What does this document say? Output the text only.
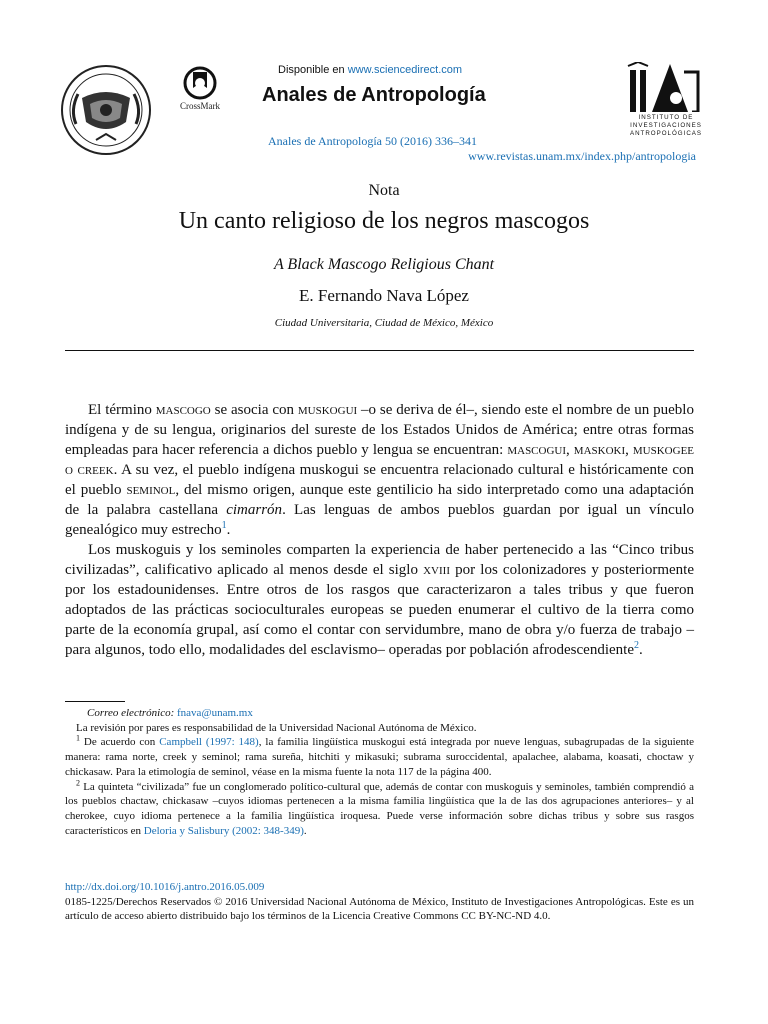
CrossMark
Disponible en www.sciencedirect.com
Anales de Antropología
INSTITUTO DE
INVESTIGACIONES
ANTROPOLÓGICAS
Anales de Antropología 50 (2016) 336–341
www.revistas.unam.mx/index.php/antropologia
Nota
Un canto religioso de los negros mascogos
A Black Mascogo Religious Chant
E. Fernando Nava López
Ciudad Universitaria, Ciudad de México, México

El término mascogo se asocia con muskogui –o se deriva de él–, siendo este el nombre de un pueblo indígena y de su lengua, originarios del sureste de los Estados Unidos de América; entre otras formas empleadas para hacer referencia a dichos pueblo y lengua se encuentran: mascogui, maskoki, muskogee o creek. A su vez, el pueblo indígena muskogui se encuentra relacionado cultural e históricamente con el pueblo seminol, del mismo origen, aunque este gentilicio ha sido interpretado como una adaptación de la palabra castellana cimarrón. Las lenguas de ambos pueblos guardan por igual un vínculo genealógico muy estrecho$^1$.

Los muskoguis y los seminoles comparten la experiencia de haber pertenecido a las “Cinco tribus civilizadas”, calificativo aplicado al menos desde el siglo xviii por los colonizadores y posteriormente por los estadounidenses. Entre otros de los rasgos que caracterizaron a tales tribus y que fueron adoptados de las prácticas socioculturales europeas se pueden enumerar el cultivo de la tierra como parte de la economía grupal, así como el contar con servidumbre, mano de obra y/o fuerza de trabajo –para algunos, todo ello, modalidades del esclavismo– operadas por población afrodescendiente$^2$.

Correo electrónico: fnava@unam.mx

La revisión por pares es responsabilidad de la Universidad Nacional Autónoma de México.

$^1$ De acuerdo con Campbell (1997: 148), la familia lingüística muskogui está integrada por nueve lenguas, subagrupadas de la siguiente manera: rama norte, creek y seminol; rama sureña, hitchiti y mikasuki; subrama suroccidental, apalachee, alabama, koasati, choctaw y chickasaw. Para la etimología de seminol, véase en la misma fuente la nota 117 de la página 400.

$^2$ La quinteta “civilizada” fue un conglomerado político-cultural que, además de contar con muskoguis y seminoles, también comprendió a los pueblos chactaw, chickasaw –cuyos idiomas pertenecen a la misma familia lingüística que la de las dos agrupaciones anteriores– y al cherokee, cuyo idioma pertenece a la familia lingüística iroquesa. Puede verse información sobre dichas tribus y sobre sus rasgos característicos en Deloria y Salisbury (2002: 348-349).

http://dx.doi.org/10.1016/j.antro.2016.05.009

0185-1225/Derechos Reservados © 2016 Universidad Nacional Autónoma de México, Instituto de Investigaciones Antropológicas. Este es un artículo de acceso abierto distribuido bajo los términos de la Licencia Creative Commons CC BY-NC-ND 4.0.
